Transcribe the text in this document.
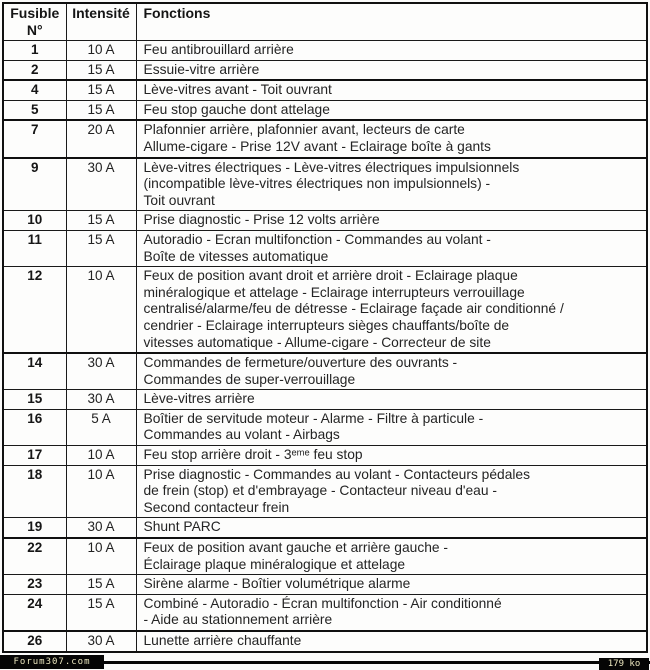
Fusible
N°	Intensité	Fonctions
1	10 A	Feu antibrouillard arrière

2	15 A	Essuie-vitre arrière

4	15 A	Lève-vitres avant - Toit ouvrant

5	15 A	Feu stop gauche dont attelage

7	20 A	Plafonnier arrière, plafonnier avant, lecteurs de carte
Allume-cigare - Prise 12V avant - Eclairage boîte à gants

9	30 A	Lève-vitres électriques - Lève-vitres électriques impulsionnels
(incompatible lève-vitres électriques non impulsionnels) -
Toit ouvrant

10	15 A	Prise diagnostic - Prise 12 volts arrière

11	15 A	Autoradio - Ecran multifonction - Commandes au volant -
Boîte de vitesses automatique

12	10 A	Feux de position avant droit et arrière droit - Eclairage plaque
minéralogique et attelage - Eclairage interrupteurs verrouillage
centralisé/alarme/feu de détresse - Eclairage façade air conditionné /
cendrier - Eclairage interrupteurs sièges chauffants/boîte de
vitesses automatique - Allume-cigare - Correcteur de site

14	30 A	Commandes de fermeture/ouverture des ouvrants -
Commandes de super-verrouillage

15	30 A	Lève-vitres arrière

16	5 A	Boîtier de servitude moteur - Alarme - Filtre à particule -
Commandes au volant - Airbags

17	10 A	Feu stop arrière droit - 3ᵉᵐᵉ feu stop

18	10 A	Prise diagnostic - Commandes au volant - Contacteurs pédales
de frein (stop) et d'embrayage - Contacteur niveau d'eau -
Second contacteur frein

19	30 A	Shunt PARC

22	10 A	Feux de position avant gauche et arrière gauche -
Éclairage plaque minéralogique et attelage

23	15 A	Sirène alarme - Boîtier volumétrique alarme

24	15 A	Combiné - Autoradio - Écran multifonction - Air conditionné
- Aide au stationnement arrière

26	30 A	Lunette arrière chauffante
Forum307.com	179 ko
